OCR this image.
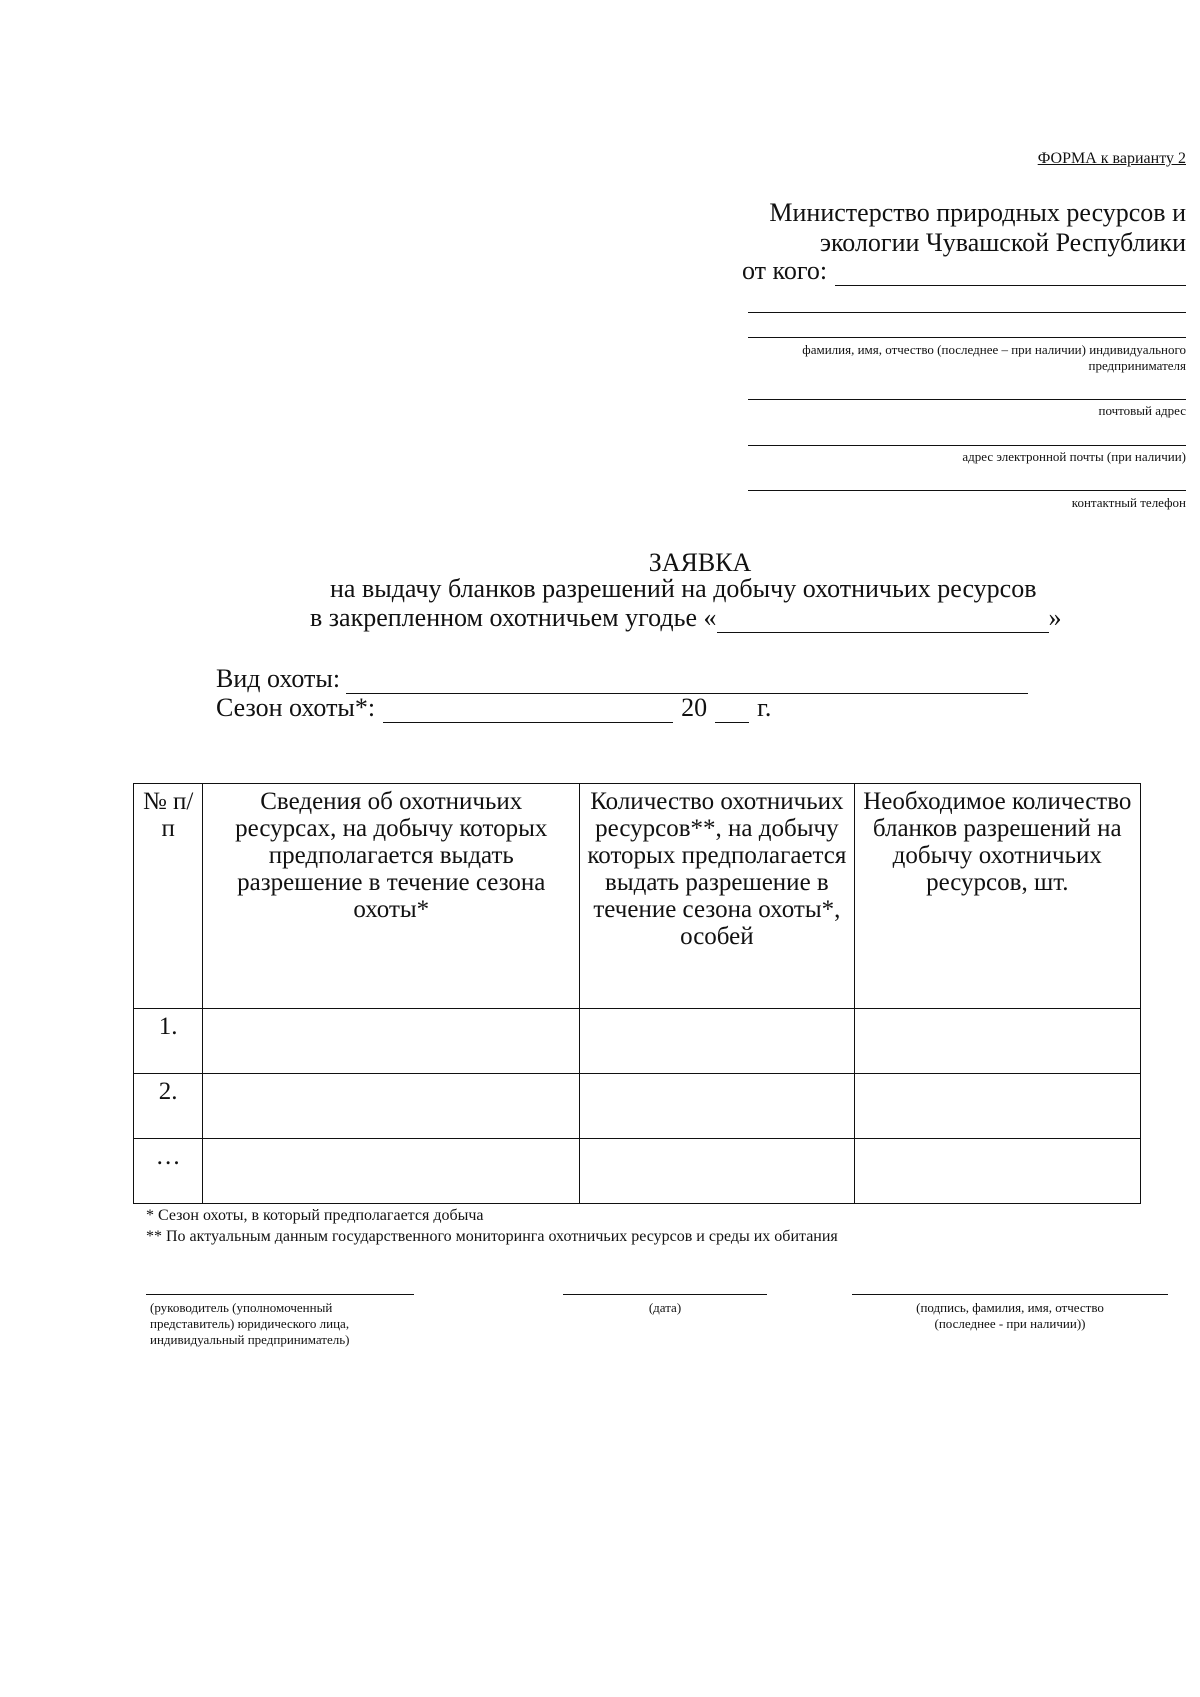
ФОРМА к варианту 2
Министерство природных ресурсов и
экологии Чувашской Республики
от кого:
фамилия, имя, отчество (последнее – при наличии) индивидуального
предпринимателя
почтовый адрес
адрес электронной почты (при наличии)
контактный телефон
ЗАЯВКА
на выдачу бланков разрешений на добычу охотничьих ресурсов
в закрепленном охотничьем угодье «	»
Вид охоты:
Сезон охоты*:	20 г.
№ п/п	Сведения об охотничьих ресурсах, на добычу которых предполагается выдать разрешение в течение сезона охоты*	Количество охотничьих ресурсов**, на добычу которых предполагается выдать разрешение в течение сезона охоты*, особей	Необходимое количество бланков разрешений на добычу охотничьих ресурсов, шт.
1.			
2.			
…			
* Сезон охоты, в который предполагается добыча
** По актуальным данным государственного мониторинга охотничьих ресурсов и среды их обитания
(руководитель (уполномоченный
представитель) юридического лица,
индивидуальный предприниматель)
(дата)	(подпись, фамилия, имя, отчество
(последнее - при наличии))
